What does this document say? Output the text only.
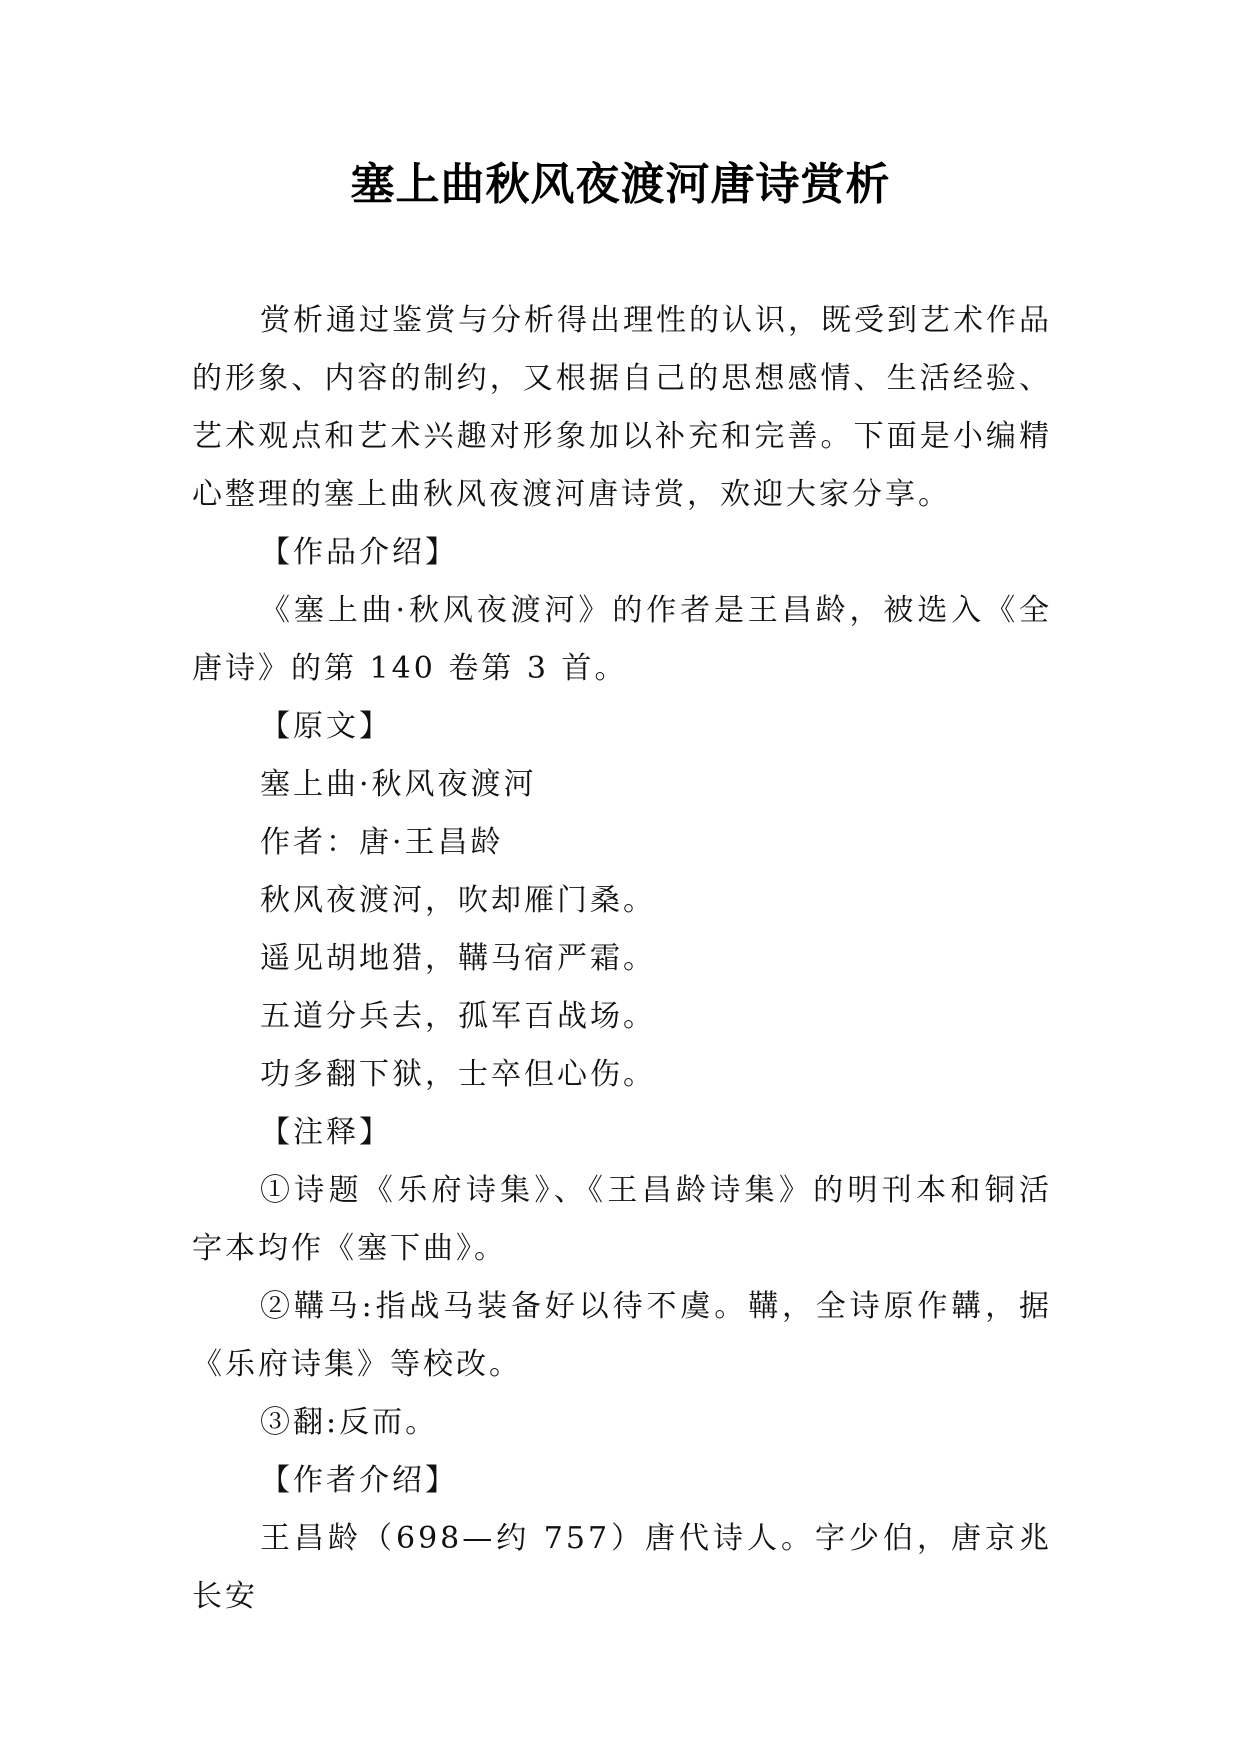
塞上曲秋风夜渡河唐诗赏析

赏析通过鉴赏与分析得出理性的认识，既受到艺术作品的形象、内容的制约，又根据自己的思想感情、生活经验、艺术观点和艺术兴趣对形象加以补充和完善。下面是小编精心整理的塞上曲秋风夜渡河唐诗赏，欢迎大家分享。

【作品介绍】

《塞上曲·秋风夜渡河》的作者是王昌龄，被选入《全唐诗》的第 140 卷第 3 首。

【原文】

塞上曲·秋风夜渡河

作者：唐·王昌龄

秋风夜渡河，吹却雁门桑。

遥见胡地猎，鞲马宿严霜。

五道分兵去，孤军百战场。

功多翻下狱，士卒但心伤。

【注释】

①诗题《乐府诗集》、《王昌龄诗集》的明刊本和铜活字本均作《塞下曲》。

②鞲马:指战马装备好以待不虞。鞲，全诗原作韝，据《乐府诗集》等校改。

③翻:反而。

【作者介绍】

王昌龄（698—约 757）唐代诗人。字少伯，唐京兆长安
